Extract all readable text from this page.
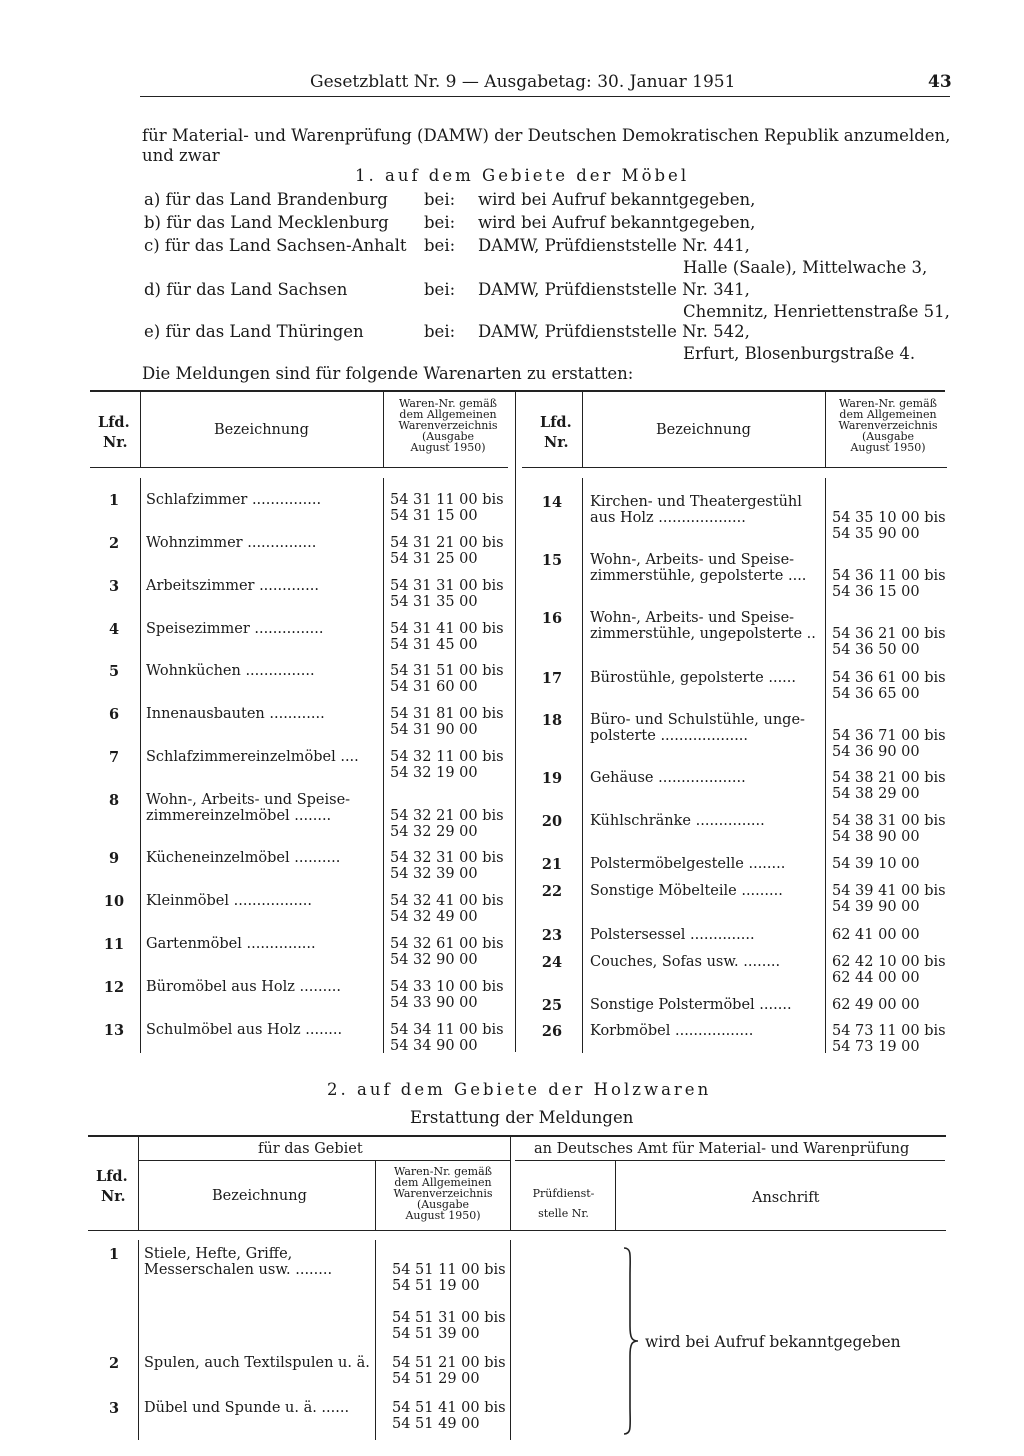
Gesetzblatt Nr. 9 — Ausgabetag: 30. Januar 1951	43
für Material- und Warenprüfung (DAMW) der Deutschen Demokratischen Republik anzumelden,
und zwar
1. auf dem Gebiete der Möbel
a) für das Land Brandenburg bei: wird bei Aufruf bekanntgegeben,
b) für das Land Mecklenburg bei: wird bei Aufruf bekanntgegeben,
c) für das Land Sachsen-Anhalt bei: DAMW, Prüfdienststelle Nr. 441,
Halle (Saale), Mittelwache 3,
d) für das Land Sachsen	bei: DAMW, Prüfdienststelle Nr. 341,
Chemnitz, Henriettenstraße 51,
e) für das Land Thüringen	bei: DAMW, Prüfdienststelle Nr. 542,
Erfurt, Blosenburgstraße 4.
Die Meldungen sind für folgende Warenarten zu erstatten:
Lfd.
Nr.
Bezeichnung
Waren-Nr. gemäß
dem Allgemeinen
Warenverzeichnis
(Ausgabe
August 1950)
Lfd.
Nr.
Bezeichnung
Waren-Nr. gemäß
dem Allgemeinen
Warenverzeichnis
(Ausgabe
August 1950)
1	Schlafzimmer ...............	54 31 11 00 bis
54 31 15 00
2	Wohnzimmer ...............	54 31 21 00 bis
54 31 25 00
3	Arbeitszimmer .............	54 31 31 00 bis
54 31 35 00
4	Speisezimmer ...............	54 31 41 00 bis
54 31 45 00
5	Wohnküchen ...............	54 31 51 00 bis
54 31 60 00
6	Innenausbauten ............	54 31 81 00 bis
54 31 90 00
7	Schlafzimmereinzelmöbel .... 54 32 11 00 bis
54 32 19 00
8	Wohn-, Arbeits- und Speise-
zimmereinzelmöbel ........	54 32 21 00 bis
54 32 29 00
9	Kücheneinzelmöbel ..........	54 32 31 00 bis
54 32 39 00
10	Kleinmöbel .................	54 32 41 00 bis
54 32 49 00
11	Gartenmöbel ...............	54 32 61 00 bis
54 32 90 00
12	Büromöbel aus Holz .........	54 33 10 00 bis
54 33 90 00
13	Schulmöbel aus Holz ........	54 34 11 00 bis
54 34 90 00
14	Kirchen- und Theatergestühl
aus Holz ...................	54 35 10 00 bis
54 35 90 00
15	Wohn-, Arbeits- und Speise-
zimmerstühle, gepolsterte .... 54 36 11 00 bis
54 36 15 00
16	Wohn-, Arbeits- und Speise-
zimmerstühle, ungepolsterte .. 54 36 21 00 bis
54 36 50 00
17	Bürostühle, gepolsterte ...... 54 36 61 00 bis
54 36 65 00
18	Büro- und Schulstühle, unge-
polsterte ...................	54 36 71 00 bis
54 36 90 00
19	Gehäuse ...................	54 38 21 00 bis
54 38 29 00
20	Kühlschränke ...............	54 38 31 00 bis
54 38 90 00
21	Polstermöbelgestelle ........	54 39 10 00
22	Sonstige Möbelteile .........	54 39 41 00 bis
54 39 90 00
23	Polstersessel ..............	62 41 00 00
24	Couches, Sofas usw. ........	62 42 10 00 bis
62 44 00 00
25	Sonstige Polstermöbel .......	62 49 00 00
26	Korbmöbel .................	54 73 11 00 bis
54 73 19 00
2. auf dem Gebiete der Holzwaren
Erstattung der Meldungen
für das Gebiet	an Deutsches Amt für Material- und Warenprüfung
Lfd.
Nr.	Bezeichnung
Waren-Nr. gemäß
dem Allgemeinen
Warenverzeichnis
(Ausgabe
August 1950)
Prüfdienst-
stelle Nr.
Anschrift
1	Stiele, Hefte, Griffe,
Messerschalen usw. ........	54 51 11 00 bis
54 51 19 00
54 51 31 00 bis
54 51 39 00
2	Spulen, auch Textilspulen u. ä. 54 51 21 00 bis
54 51 29 00
3	Dübel und Spunde u. ä. ......	54 51 41 00 bis
54 51 49 00
wird bei Aufruf bekanntgegeben
